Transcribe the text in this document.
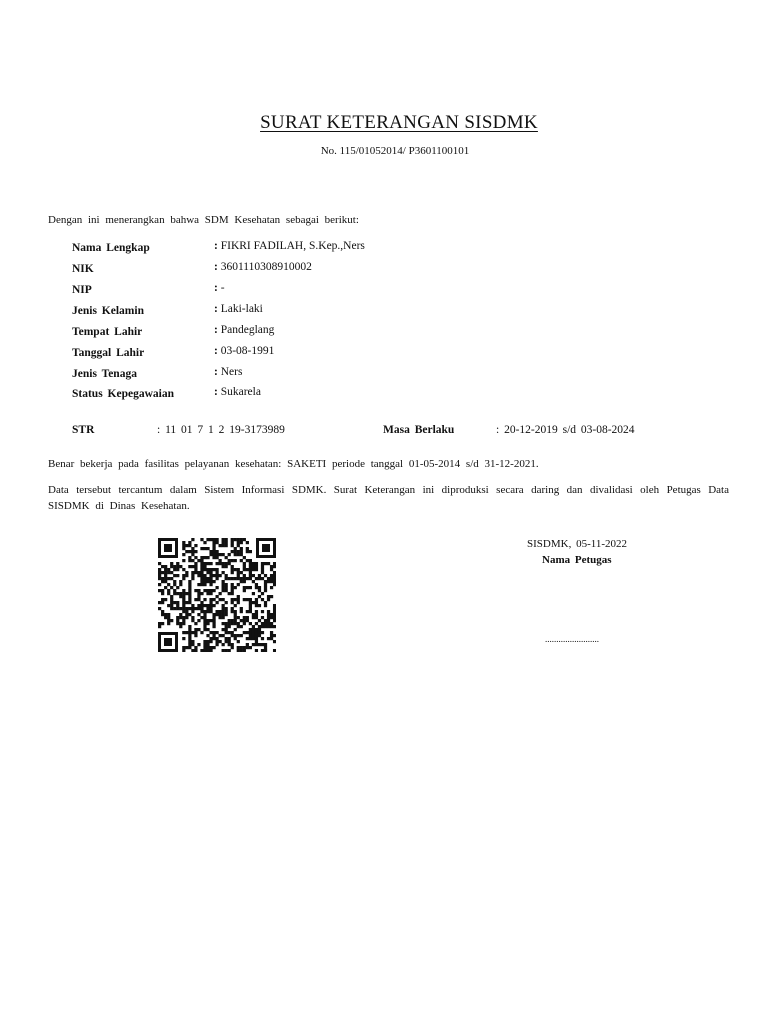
SURAT KETERANGAN SISDMK
No. 115/01052014/ P3601100101
Dengan ini menerangkan bahwa SDM Kesehatan sebagai berikut:
Nama Lengkap	: FIKRI FADILAH, S.Kep.,Ners
NIK	: 3601110308910002
NIP	: -
Jenis Kelamin	: Laki-laki
Tempat Lahir	: Pandeglang
Tanggal Lahir	: 03-08-1991
Jenis Tenaga	: Ners
Status Kepegawaian	: Sukarela
STR	: 11 01 7 1 2 19-3173989	Masa Berlaku	: 20-12-2019 s/d 03-08-2024
Benar bekerja pada fasilitas pelayanan kesehatan: SAKETI periode tanggal 01-05-2014 s/d 31-12-2021.
Data tersebut tercantum dalam Sistem Informasi SDMK. Surat Keterangan ini diproduksi secara daring dan divalidasi oleh Petugas Data SISDMK di Dinas Kesehatan.
SISDMK, 05-11-2022
Nama Petugas
........................
